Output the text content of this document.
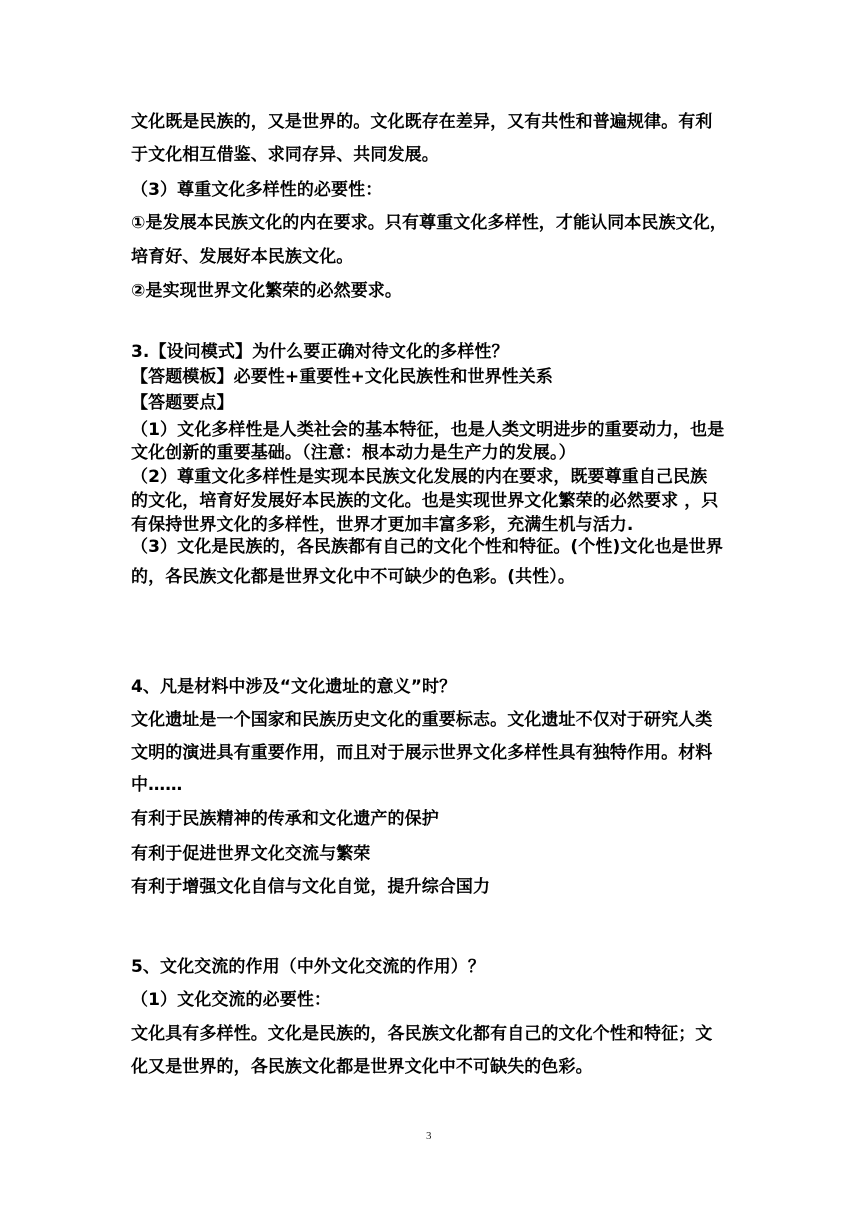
文化既是民族的，又是世界的。文化既存在差异，又有共性和普遍规律。有利
于文化相互借鉴、求同存异、共同发展。
（3）尊重文化多样性的必要性：
①是发展本民族文化的内在要求。只有尊重文化多样性，才能认同本民族文化，
培育好、发展好本民族文化。
②是实现世界文化繁荣的必然要求。
3.【设问模式】为什么要正确对待文化的多样性？
【答题模板】必要性+重要性+文化民族性和世界性关系
【答题要点】
（1）文化多样性是人类社会的基本特征，也是人类文明进步的重要动力，也是
文化创新的重要基础。（注意：根本动力是生产力的发展。）
（2）尊重文化多样性是实现本民族文化发展的内在要求，既要尊重自己民族
的文化，培育好发展好本民族的文化。也是实现世界文化繁荣的必然要求 ，只
有保持世界文化的多样性，世界才更加丰富多彩，充满生机与活力.
（3）文化是民族的，各民族都有自己的文化个性和特征。(个性)文化也是世界
的，各民族文化都是世界文化中不可缺少的色彩。(共性）。
4、凡是材料中涉及“文化遗址的意义”时？
文化遗址是一个国家和民族历史文化的重要标志。文化遗址不仅对于研究人类
文明的演进具有重要作用，而且对于展示世界文化多样性具有独特作用。材料
中……
有利于民族精神的传承和文化遗产的保护
有利于促进世界文化交流与繁荣
有利于增强文化自信与文化自觉，提升综合国力
5、文化交流的作用（中外文化交流的作用）？
（1）文化交流的必要性：
文化具有多样性。文化是民族的，各民族文化都有自己的文化个性和特征；文
化又是世界的，各民族文化都是世界文化中不可缺失的色彩。
3
